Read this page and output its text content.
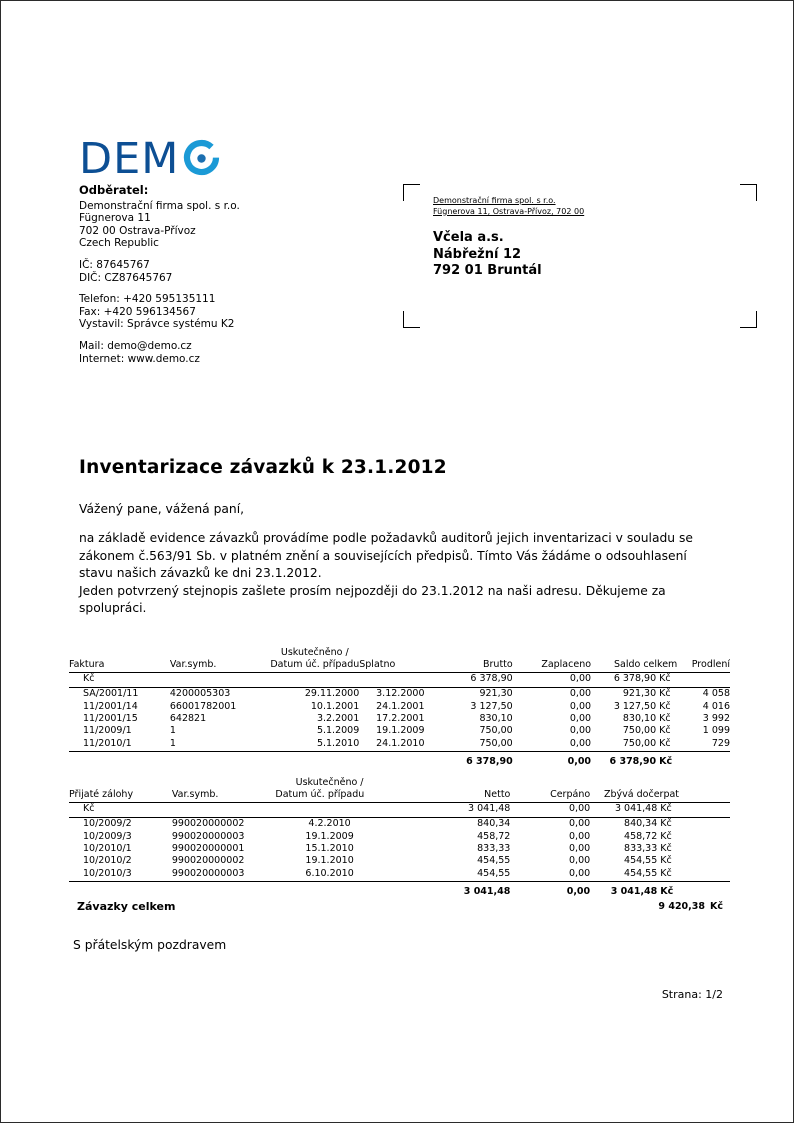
DEM
Odběratel:
Demonstrační firma spol. s r.o.
Fügnerova 11
702 00 Ostrava-Přívoz
Czech Republic
IČ: 87645767
DIČ: CZ87645767
Telefon: +420 595135111
Fax: +420 596134567
Vystavil: Správce systému K2
Mail: demo@demo.cz
Internet: www.demo.cz
Demonstrační firma spol. s r.o.
Fügnerova 11, Ostrava-Přívoz, 702 00
Včela a.s.
Nábřežní 12
792 01 Bruntál
Inventarizace závazků k 23.1.2012
Vážený pane, vážená paní,

na základě evidence závazků provádíme podle požadavků auditorů jejich inventarizaci v souladu se zákonem č.563/91 Sb. v platném znění a souvisejících předpisů. Tímto Vás žádáme o odsouhlasení stavu našich závazků ke dni 23.1.2012.

Jeden potvrzený stejnopis zašlete prosím nejpozději do 23.1.2012 na naši adresu. Děkujeme za spolupráci.

		Uskutečněno /						
Faktura	Var.symb.	Datum úč. případu	Splatno	Brutto	Zaplaceno	Saldo celkem		Prodlení
Kč				6 378,90	0,00	6 378,90	Kč	
SA/2001/11	4200005303	29.11.2000	3.12.2000	921,30	0,00	921,30	Kč	4 058
11/2001/14	66001782001	10.1.2001	24.1.2001	3 127,50	0,00	3 127,50	Kč	4 016
11/2001/15	642821	3.2.2001	17.2.2001	830,10	0,00	830,10	Kč	3 992
11/2009/1	1	5.1.2009	19.1.2009	750,00	0,00	750,00	Kč	1 099
11/2010/1	1	5.1.2010	24.1.2010	750,00	0,00	750,00	Kč	729
				6 378,90	0,00	6 378,90	Kč	
		Uskutečněno /					
Přijaté zálohy	Var.symb.	Datum úč. případu	Netto	Čerpáno	Zbývá dočerpat		
Kč			3 041,48	0,00	3 041,48	Kč	
10/2009/2	990020000002	4.2.2010	840,34	0,00	840,34	Kč	
10/2009/3	990020000003	19.1.2009	458,72	0,00	458,72	Kč	
10/2010/1	990020000001	15.1.2010	833,33	0,00	833,33	Kč	
10/2010/2	990020000002	19.1.2010	454,55	0,00	454,55	Kč	
10/2010/3	990020000003	6.10.2010	454,55	0,00	454,55	Kč	
			3 041,48	0,00	3 041,48	Kč	
Závazky celkem	9 420,38 Kč
S přátelským pozdravem
Strana: 1/2
